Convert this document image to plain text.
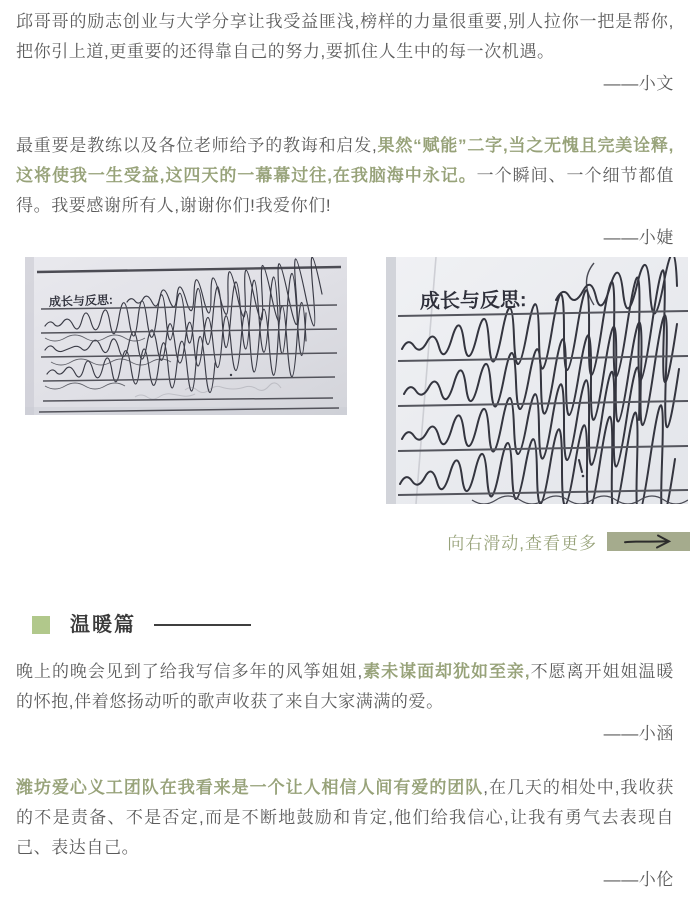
邱哥哥的励志创业与大学分享让我受益匪浅,榜样的力量很重要,别人拉你一把是帮你,把你引上道,更重要的还得靠自己的努力,要抓住人生中的每一次机遇。

——小文

最重要是教练以及各位老师给予的教诲和启发,果然“赋能”二字,当之无愧且完美诠释,这将使我一生受益,这四天的一幕幕过往,在我脑海中永记。一个瞬间、一个细节都值得。我要感谢所有人,谢谢你们!我爱你们!

——小婕
成长与反思:	成长与反思:
向右滑动,查看更多
温暖篇

晚上的晚会见到了给我写信多年的风筝姐姐,素未谋面却犹如至亲,不愿离开姐姐温暖的怀抱,伴着悠扬动听的歌声收获了来自大家满满的爱。

——小涵

潍坊爱心义工团队在我看来是一个让人相信人间有爱的团队,在几天的相处中,我收获的不是责备、不是否定,而是不断地鼓励和肯定,他们给我信心,让我有勇气去表现自己、表达自己。

——小伦
